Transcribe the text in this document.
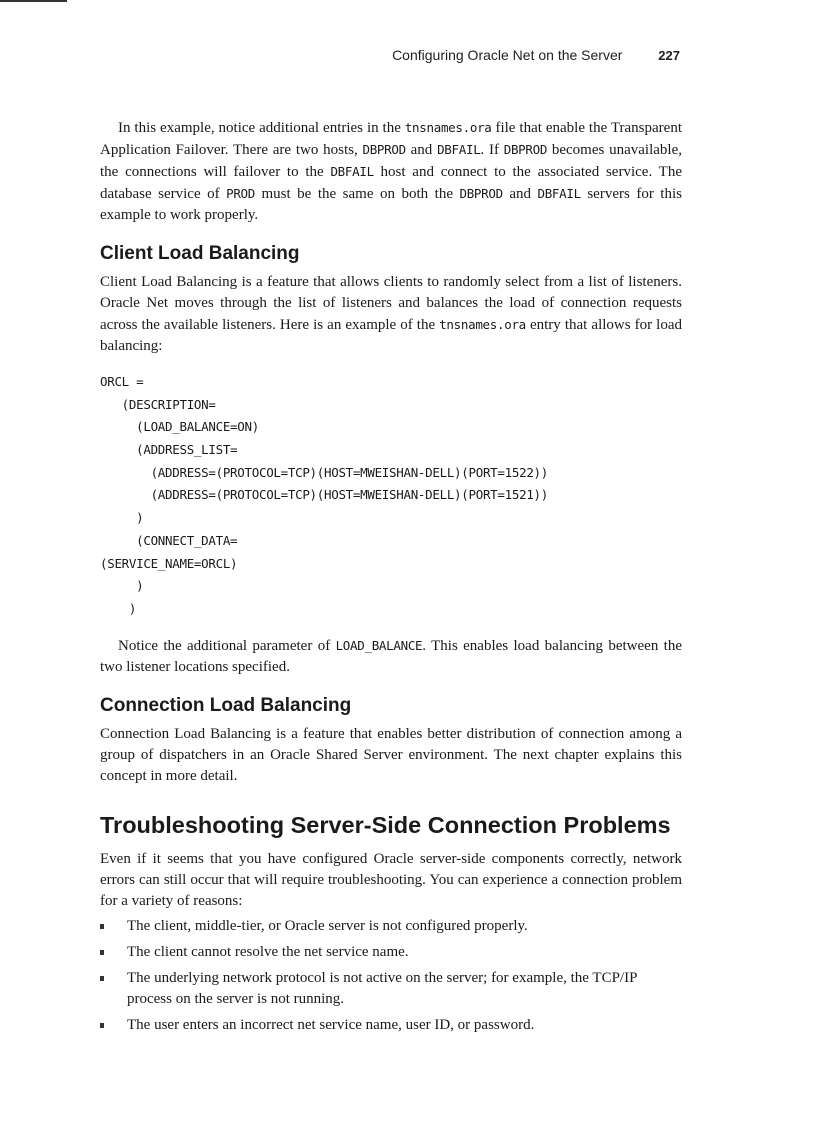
Configuring Oracle Net on the Server	227

In this example, notice additional entries in the tnsnames.ora file that enable the Transparent Application Failover. There are two hosts, DBPROD and DBFAIL. If DBPROD becomes unavailable, the connections will failover to the DBFAIL host and connect to the associated service. The database service of PROD must be the same on both the DBPROD and DBFAIL servers for this example to work properly.

Client Load Balancing

Client Load Balancing is a feature that allows clients to randomly select from a list of listeners. Oracle Net moves through the list of listeners and balances the load of connection requests across the available listeners. Here is an example of the tnsnames.ora entry that allows for load balancing:

ORCL =
(DESCRIPTION=
(LOAD_BALANCE=ON)
(ADDRESS_LIST=
(ADDRESS=(PROTOCOL=TCP)(HOST=MWEISHAN-DELL)(PORT=1522))
(ADDRESS=(PROTOCOL=TCP)(HOST=MWEISHAN-DELL)(PORT=1521))
)
(CONNECT_DATA=
(SERVICE_NAME=ORCL)
)
)

Notice the additional parameter of LOAD_BALANCE. This enables load balancing between the two listener locations specified.

Connection Load Balancing

Connection Load Balancing is a feature that enables better distribution of connection among a group of dispatchers in an Oracle Shared Server environment. The next chapter explains this concept in more detail.

Troubleshooting Server-Side Connection Problems

Even if it seems that you have configured Oracle server-side components correctly, network errors can still occur that will require troubleshooting. You can experience a connection problem for a variety of reasons:

The client, middle-tier, or Oracle server is not configured properly.
The client cannot resolve the net service name.
The underlying network protocol is not active on the server; for example, the TCP/IP process on the server is not running.
The user enters an incorrect net service name, user ID, or password.
